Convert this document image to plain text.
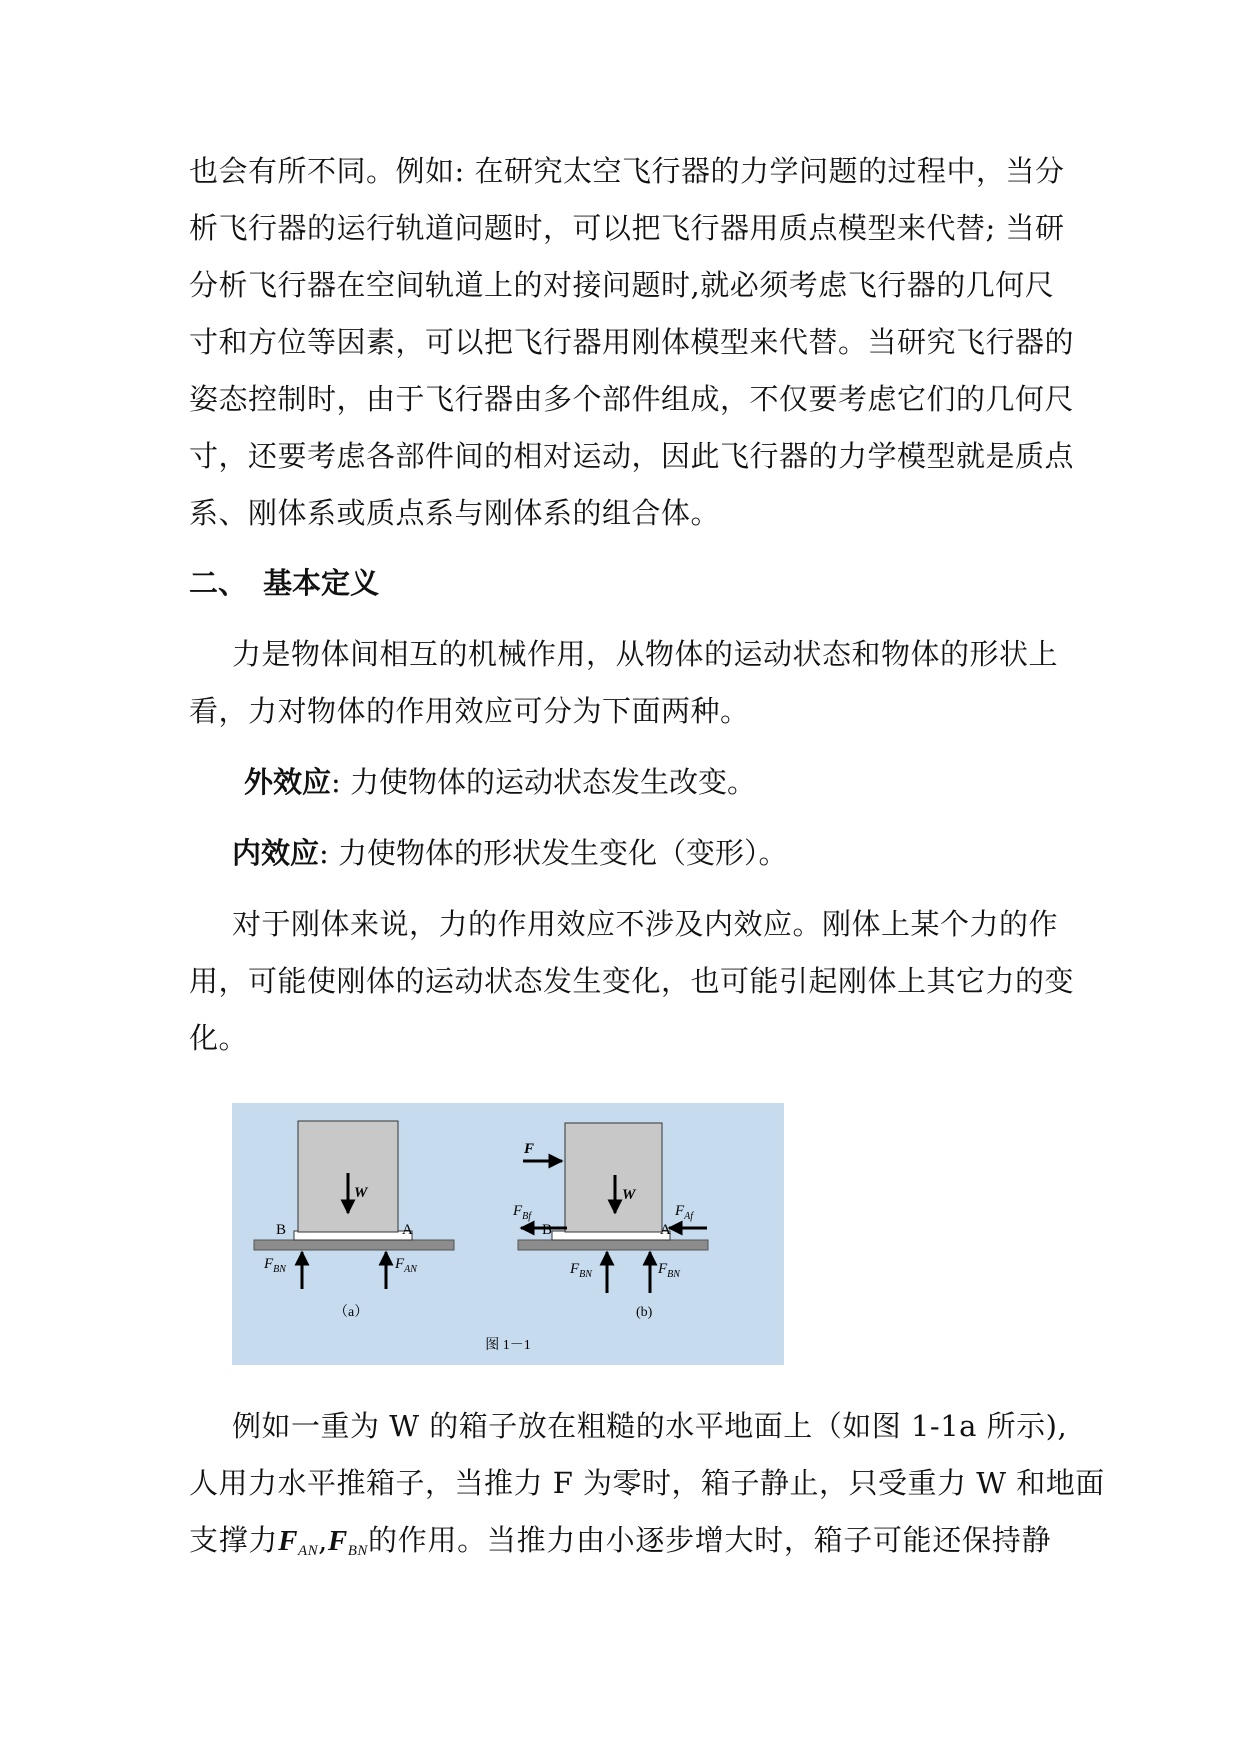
也会有所不同。例如: 在研究太空飞行器的力学问题的过程中，当分
析飞行器的运行轨道问题时，可以把飞行器用质点模型来代替; 当研
分析飞行器在空间轨道上的对接问题时,就必须考虑飞行器的几何尺
寸和方位等因素，可以把飞行器用刚体模型来代替。当研究飞行器的
姿态控制时，由于飞行器由多个部件组成，不仅要考虑它们的几何尺
寸，还要考虑各部件间的相对运动，因此飞行器的力学模型就是质点
系、刚体系或质点系与刚体系的组合体。
二、 基本定义
力是物体间相互的机械作用，从物体的运动状态和物体的形状上
看，力对物体的作用效应可分为下面两种。
外效应: 力使物体的运动状态发生改变。
内效应: 力使物体的形状发生变化（变形）。
对于刚体来说，力的作用效应不涉及内效应。刚体上某个力的作
用，可能使刚体的运动状态发生变化，也可能引起刚体上其它力的变
化。
W
B	A
$F_{BN}$	$F_{AN}$
（a）
F
W
$F_{Bf}$	$F_{Af}$
B	A
$F_{BN}$	$F_{BN}$
(b)
图 1－1
例如一重为 W 的箱子放在粗糙的水平地面上（如图 1-1a 所示),
人用力水平推箱子，当推力 F 为零时，箱子静止，只受重力 W 和地面
支撑力FAN,FBN的作用。当推力由小逐步增大时，箱子可能还保持静
